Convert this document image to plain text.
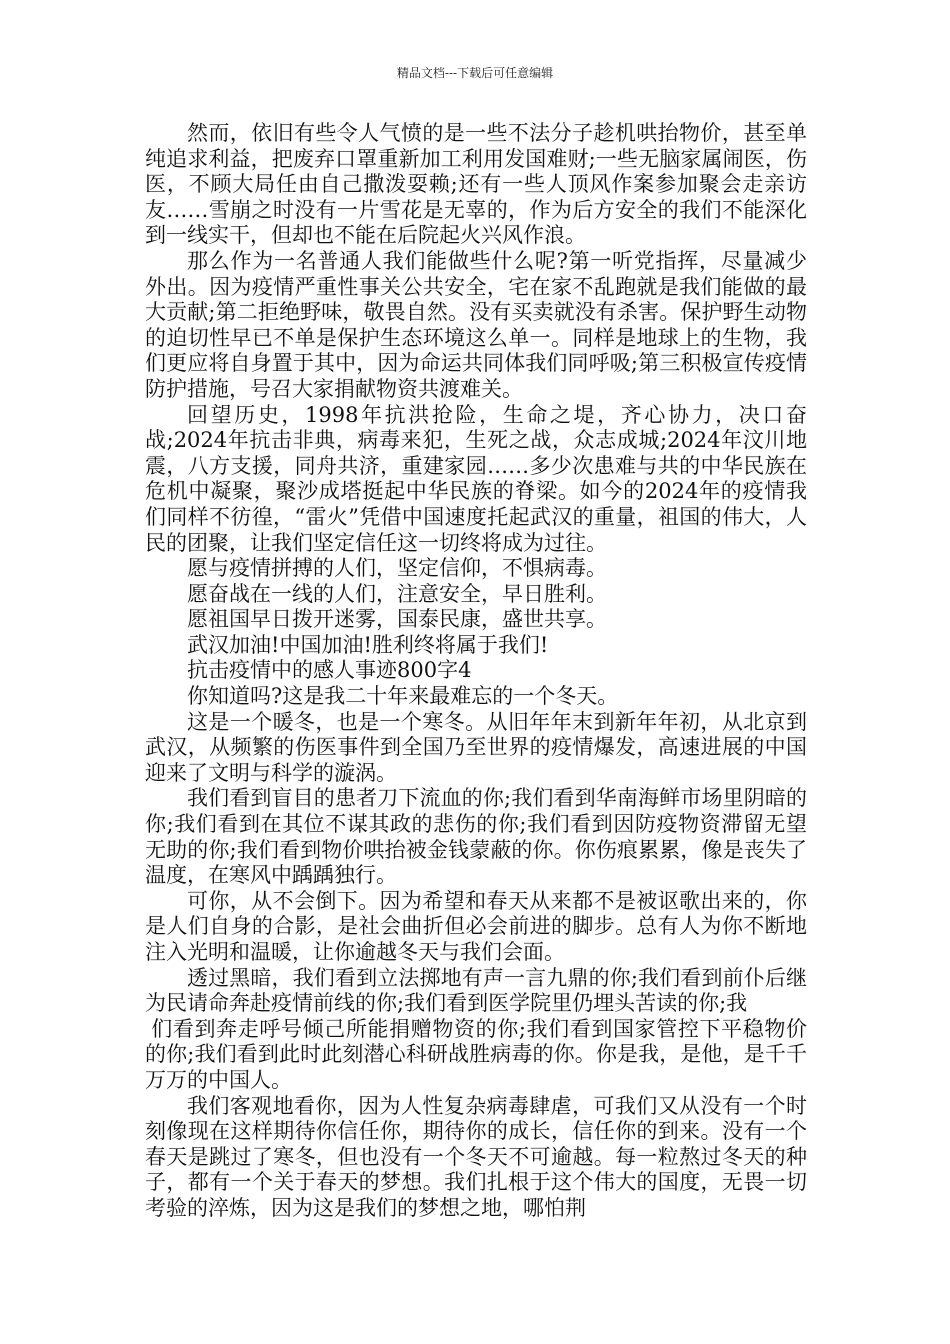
精品文档---下载后可任意编辑

然而，依旧有些令人气愤的是一些不法分子趁机哄抬物价，甚至单纯追求利益，把废弃口罩重新加工利用发国难财;一些无脑家属闹医，伤医，不顾大局任由自己撒泼耍赖;还有一些人顶风作案参加聚会走亲访友……雪崩之时没有一片雪花是无辜的，作为后方安全的我们不能深化到一线实干，但却也不能在后院起火兴风作浪。

那么作为一名普通人我们能做些什么呢?第一听党指挥，尽量减少外出。因为疫情严重性事关公共安全，宅在家不乱跑就是我们能做的最大贡献;第二拒绝野味，敬畏自然。没有买卖就没有杀害。保护野生动物的迫切性早已不单是保护生态环境这么单一。同样是地球上的生物，我们更应将自身置于其中，因为命运共同体我们同呼吸;第三积极宣传疫情防护措施，号召大家捐献物资共渡难关。

回望历史，1998年抗洪抢险，生命之堤，齐心协力，决口奋战;2024年抗击非典，病毒来犯，生死之战，众志成城;2024年汶川地震，八方支援，同舟共济，重建家园……多少次患难与共的中华民族在危机中凝聚，聚沙成塔挺起中华民族的脊梁。如今的2024年的疫情我们同样不彷徨，“雷火”凭借中国速度托起武汉的重量，祖国的伟大，人民的团聚，让我们坚定信任这一切终将成为过往。

愿与疫情拼搏的人们，坚定信仰，不惧病毒。

愿奋战在一线的人们，注意安全，早日胜利。

愿祖国早日拨开迷雾，国泰民康，盛世共享。

武汉加油!中国加油!胜利终将属于我们!

抗击疫情中的感人事迹800字4

你知道吗?这是我二十年来最难忘的一个冬天。

这是一个暖冬，也是一个寒冬。从旧年年末到新年年初，从北京到武汉，从频繁的伤医事件到全国乃至世界的疫情爆发，高速进展的中国迎来了文明与科学的漩涡。

我们看到盲目的患者刀下流血的你;我们看到华南海鲜市场里阴暗的你;我们看到在其位不谋其政的悲伤的你;我们看到因防疫物资滞留无望无助的你;我们看到物价哄抬被金钱蒙蔽的你。你伤痕累累，像是丧失了温度，在寒风中踽踽独行。

可你，从不会倒下。因为希望和春天从来都不是被讴歌出来的，你是人们自身的合影，是社会曲折但必会前进的脚步。总有人为你不断地注入光明和温暖，让你逾越冬天与我们会面。

透过黑暗，我们看到立法掷地有声一言九鼎的你;我们看到前仆后继为民请命奔赴疫情前线的你;我们看到医学院里仍埋头苦读的你;我

们看到奔走呼号倾己所能捐赠物资的你;我们看到国家管控下平稳物价的你;我们看到此时此刻潜心科研战胜病毒的你。你是我，是他，是千千万万的中国人。

我们客观地看你，因为人性复杂病毒肆虐，可我们又从没有一个时刻像现在这样期待你信任你，期待你的成长，信任你的到来。没有一个春天是跳过了寒冬，但也没有一个冬天不可逾越。每一粒熬过冬天的种子，都有一个关于春天的梦想。我们扎根于这个伟大的国度，无畏一切考验的淬炼，因为这是我们的梦想之地，哪怕荆
